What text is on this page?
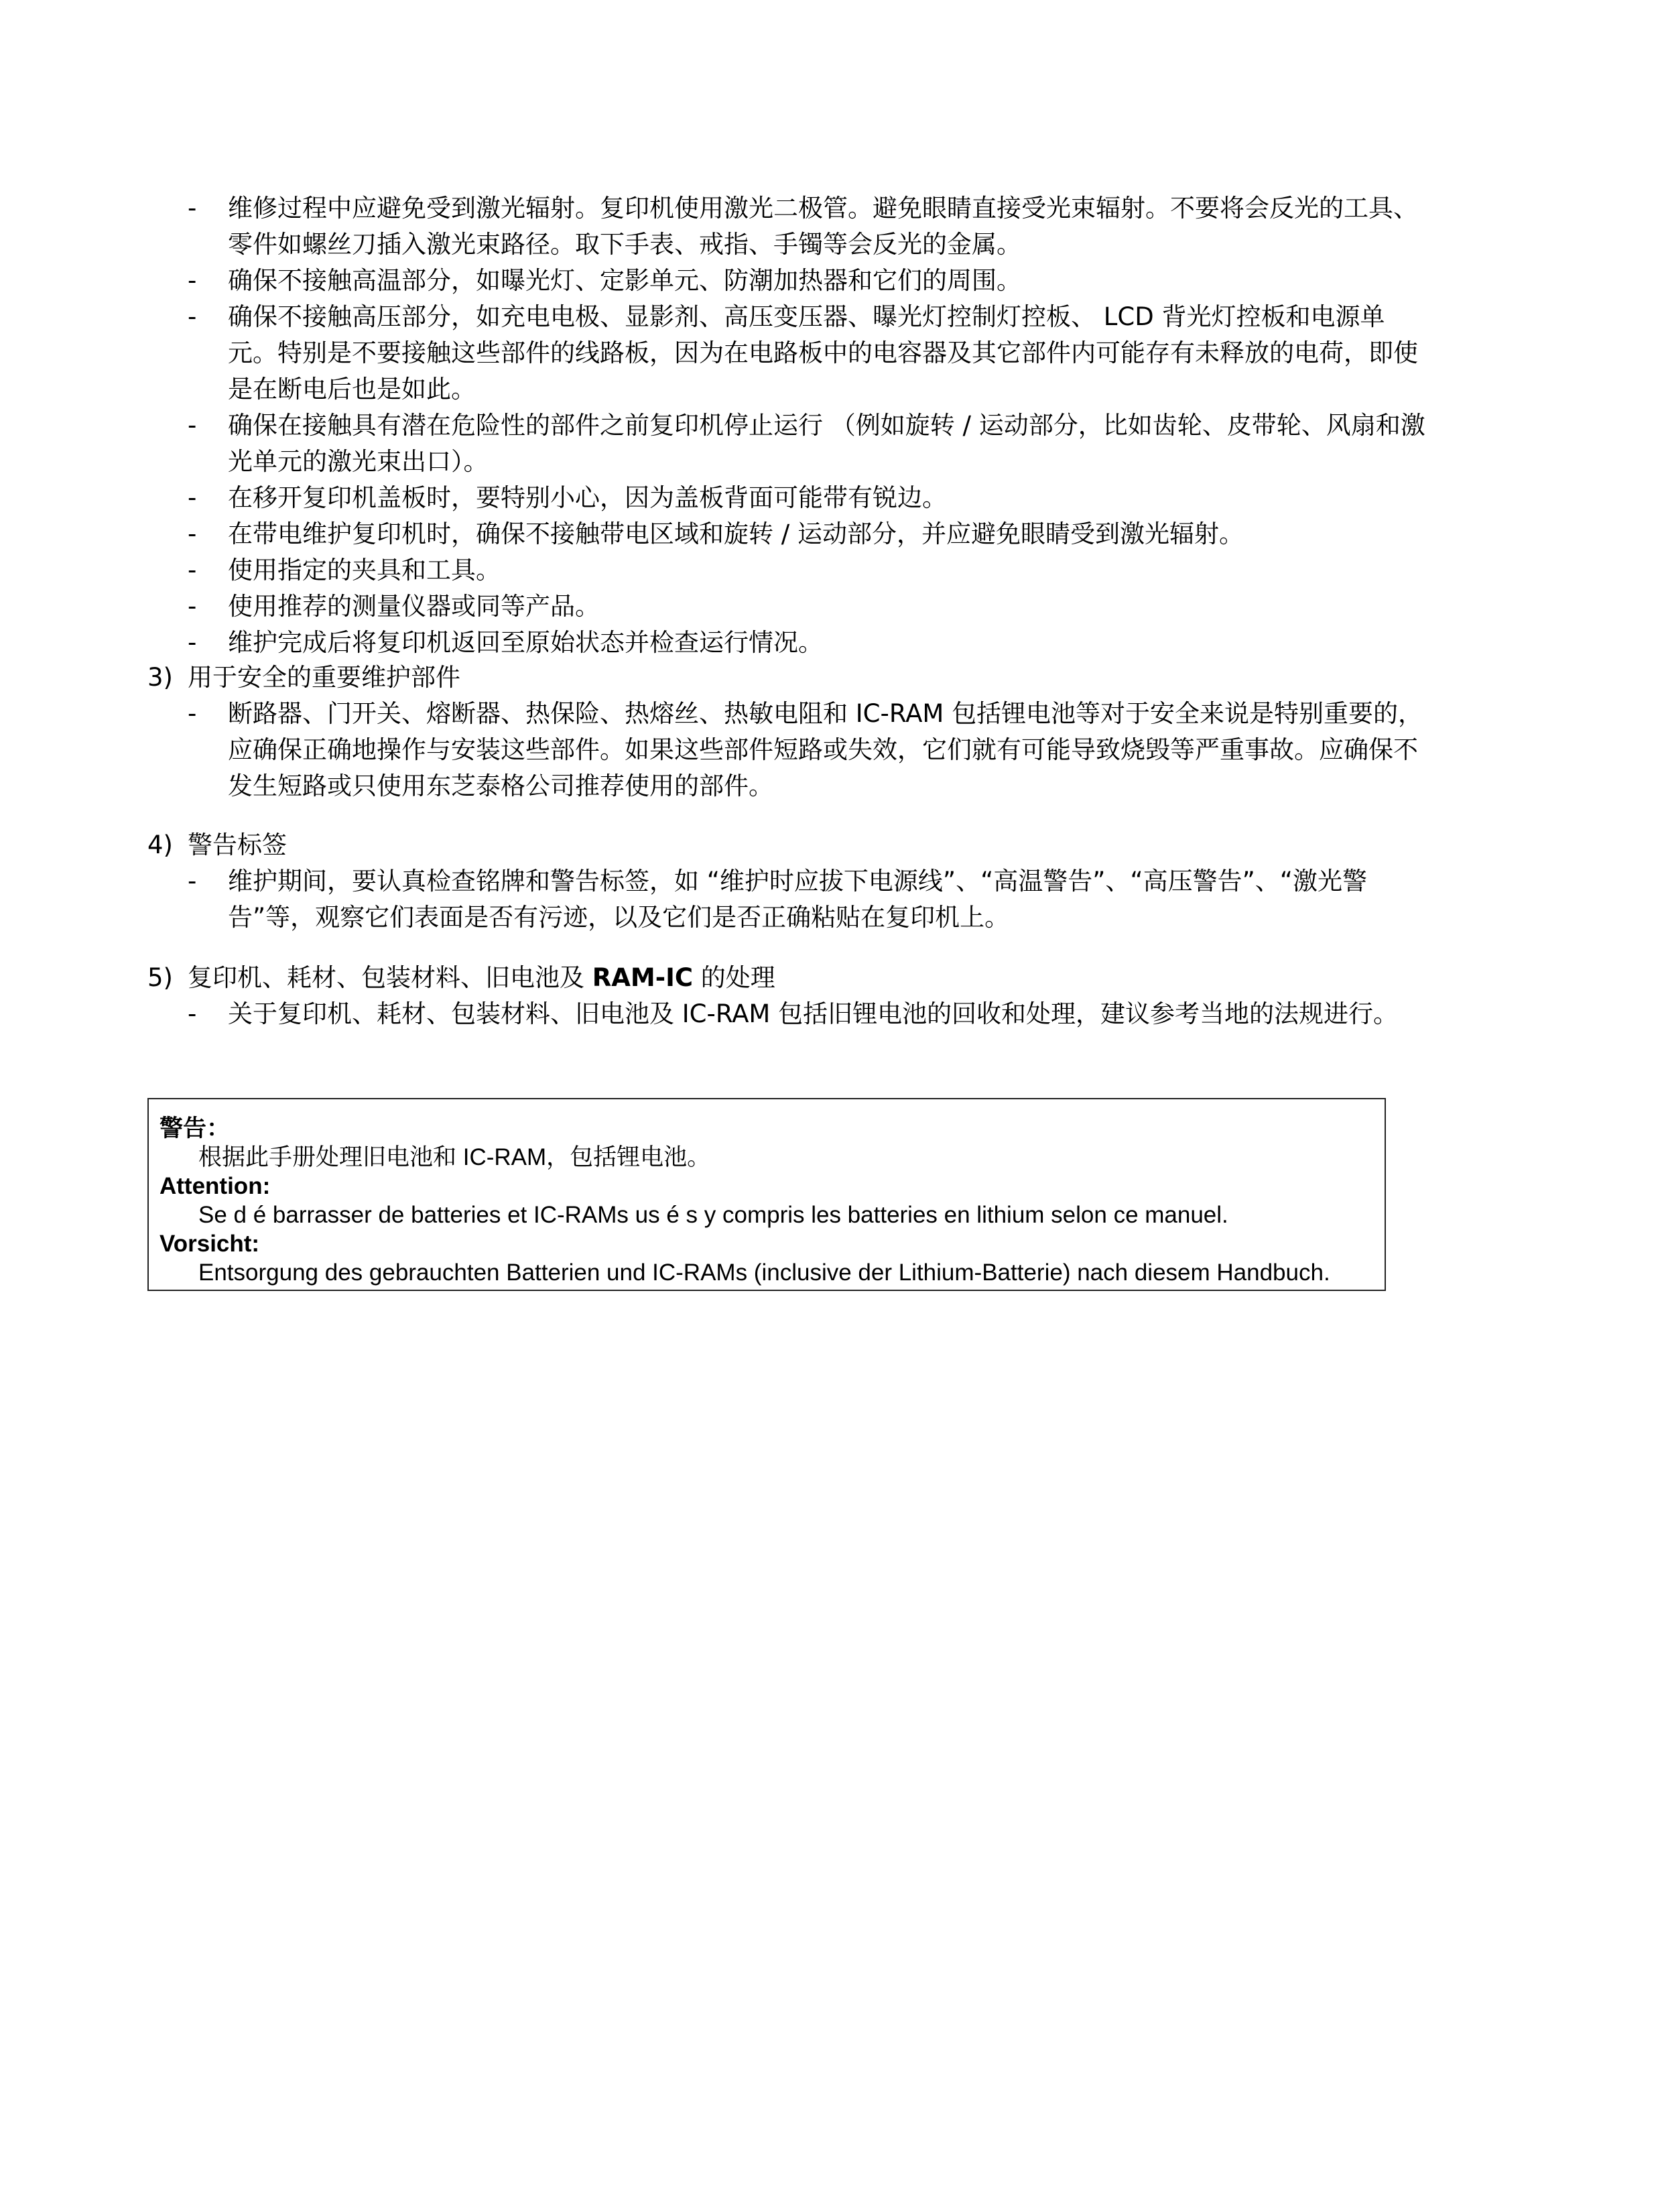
- 维修过程中应避免受到激光辐射。复印机使用激光二极管。避免眼睛直接受光束辐射。不要将会反光的工具、零件如螺丝刀插入激光束路径。取下手表、戒指、手镯等会反光的金属。
- 确保不接触高温部分，如曝光灯、定影单元、防潮加热器和它们的周围。
- 确保不接触高压部分，如充电电极、显影剂、高压变压器、曝光灯控制灯控板、 LCD 背光灯控板和电源单元。特别是不要接触这些部件的线路板，因为在电路板中的电容器及其它部件内可能存有未释放的电荷，即使是在断电后也是如此。
- 确保在接触具有潜在危险性的部件之前复印机停止运行 （例如旋转 / 运动部分，比如齿轮、皮带轮、风扇和激光单元的激光束出口）。
- 在移开复印机盖板时，要特别小心，因为盖板背面可能带有锐边。
- 在带电维护复印机时，确保不接触带电区域和旋转 / 运动部分，并应避免眼睛受到激光辐射。
- 使用指定的夹具和工具。
- 使用推荐的测量仪器或同等产品。
- 维护完成后将复印机返回至原始状态并检查运行情况。
3) 用于安全的重要维护部件
- 断路器、门开关、熔断器、热保险、热熔丝、热敏电阻和 IC-RAM 包括锂电池等对于安全来说是特别重要的，应确保正确地操作与安装这些部件。如果这些部件短路或失效，它们就有可能导致烧毁等严重事故。应确保不发生短路或只使用东芝泰格公司推荐使用的部件。
4) 警告标签
- 维护期间，要认真检查铭牌和警告标签，如 “维护时应拔下电源线”、“高温警告”、“高压警告”、“激光警告”等，观察它们表面是否有污迹，以及它们是否正确粘贴在复印机上。
5) 复印机、耗材、包装材料、旧电池及 RAM-IC 的处理
- 关于复印机、耗材、包装材料、旧电池及 IC-RAM 包括旧锂电池的回收和处理，建议参考当地的法规进行。

警告：

根据此手册处理旧电池和 IC-RAM，包括锂电池。

Attention:

Se d é barrasser de batteries et IC-RAMs us é s y compris les batteries en lithium selon ce manuel.

Vorsicht:

Entsorgung des gebrauchten Batterien und IC-RAMs (inclusive der Lithium-Batterie) nach diesem Handbuch.
